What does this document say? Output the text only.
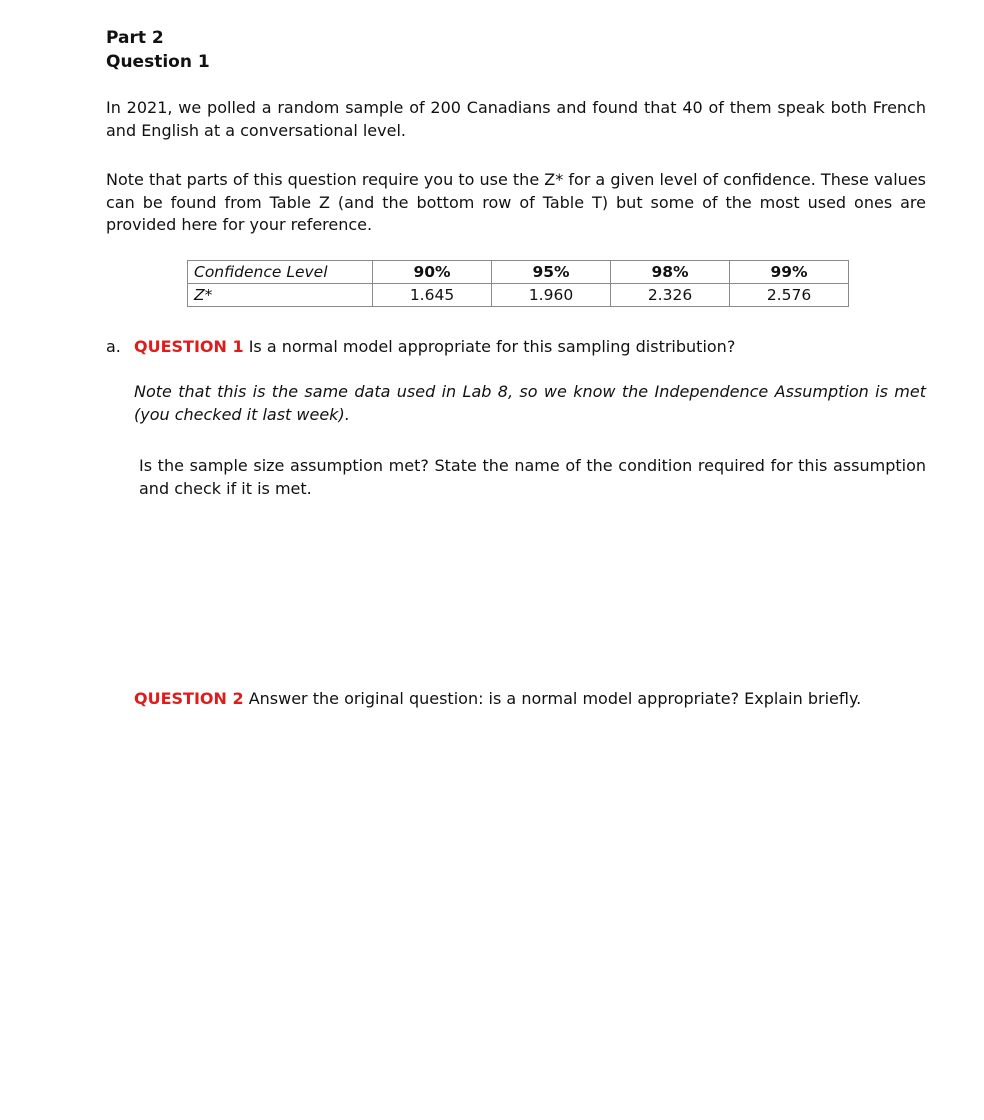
Part 2

Question 1

In 2021, we polled a random sample of 200 Canadians and found that 40 of them speak both French and English at a conversational level.

Note that parts of this question require you to use the Z* for a given level of confidence. These values can be found from Table Z (and the bottom row of Table T) but some of the most used ones are provided here for your reference.

Confidence Level	90%	95%	98%	99%
Z*	1.645	1.960	2.326	2.576

a. QUESTION 1 Is a normal model appropriate for this sampling distribution?

Note that this is the same data used in Lab 8, so we know the Independence Assumption is met (you checked it last week).

Is the sample size assumption met? State the name of the condition required for this assumption and check if it is met.

QUESTION 2 Answer the original question: is a normal model appropriate? Explain briefly.
